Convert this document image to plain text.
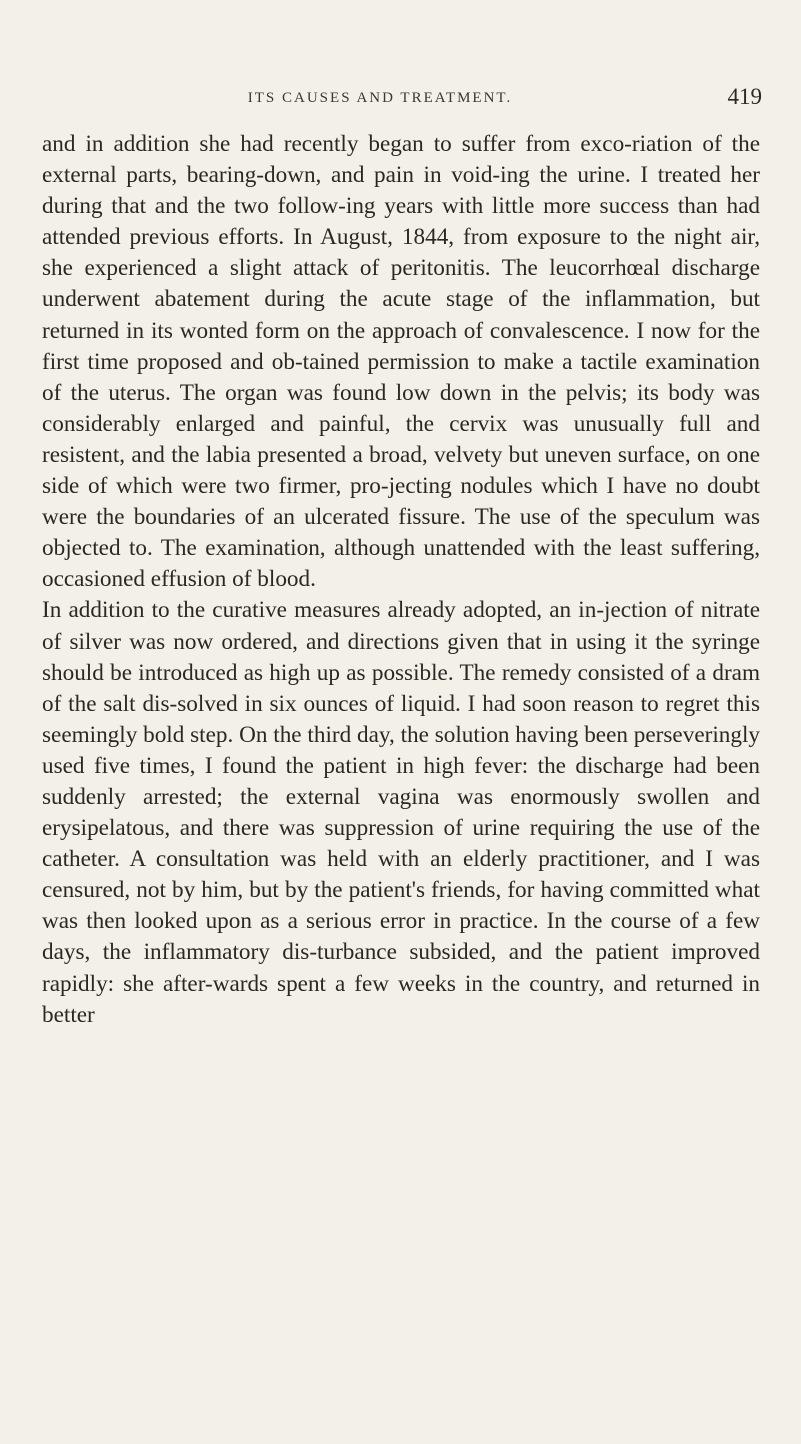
ITS CAUSES AND TREATMENT.	419

and in addition she had recently began to suffer from exco-riation of the external parts, bearing-down, and pain in void-ing the urine. I treated her during that and the two follow-ing years with little more success than had attended previous efforts. In August, 1844, from exposure to the night air, she experienced a slight attack of peritonitis. The leucorrhœal discharge underwent abatement during the acute stage of the inflammation, but returned in its wonted form on the approach of convalescence. I now for the first time proposed and ob-tained permission to make a tactile examination of the uterus. The organ was found low down in the pelvis; its body was considerably enlarged and painful, the cervix was unusually full and resistent, and the labia presented a broad, velvety but uneven surface, on one side of which were two firmer, pro-jecting nodules which I have no doubt were the boundaries of an ulcerated fissure. The use of the speculum was objected to. The examination, although unattended with the least suffering, occasioned effusion of blood.

In addition to the curative measures already adopted, an in-jection of nitrate of silver was now ordered, and directions given that in using it the syringe should be introduced as high up as possible. The remedy consisted of a dram of the salt dis-solved in six ounces of liquid. I had soon reason to regret this seemingly bold step. On the third day, the solution having been perseveringly used five times, I found the patient in high fever: the discharge had been suddenly arrested; the external vagina was enormously swollen and erysipelatous, and there was suppression of urine requiring the use of the catheter. A consultation was held with an elderly practitioner, and I was censured, not by him, but by the patient's friends, for having committed what was then looked upon as a serious error in practice. In the course of a few days, the inflammatory dis-turbance subsided, and the patient improved rapidly: she after-wards spent a few weeks in the country, and returned in better
